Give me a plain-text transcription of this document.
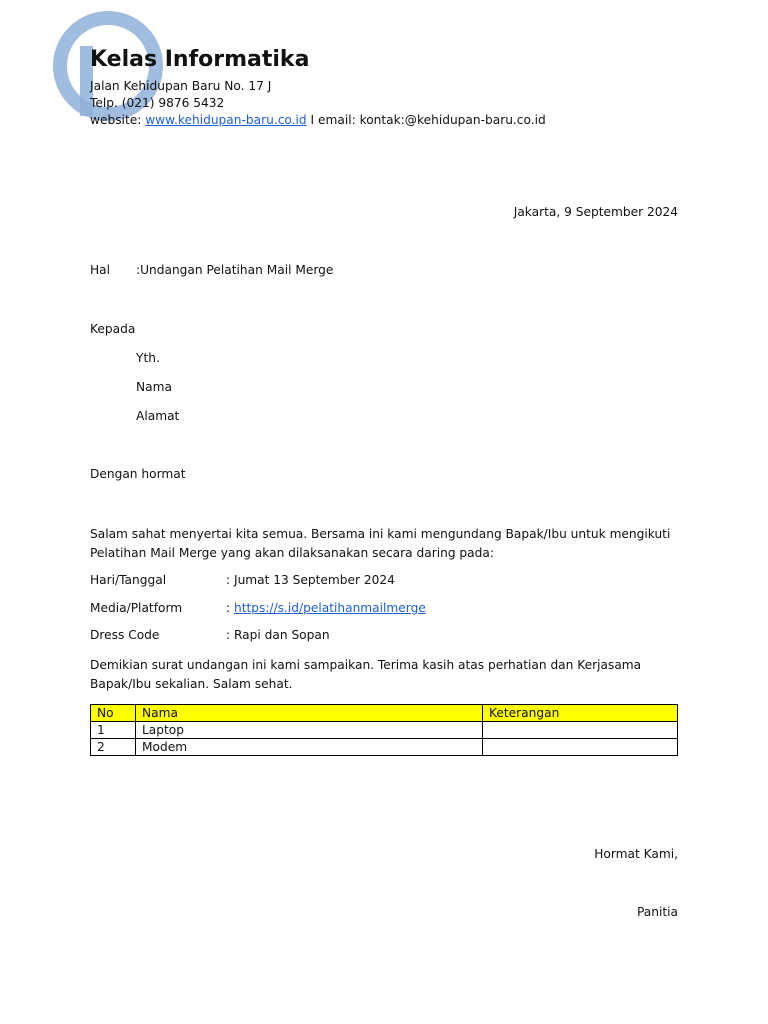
Kelas Informatika
Jalan Kehidupan Baru No. 17 J
Telp. (021) 9876 5432
website: www.kehidupan-baru.co.id I email: kontak:@kehidupan-baru.co.id
Jakarta, 9 September 2024
Hal :Undangan Pelatihan Mail Merge
Kepada
Yth.
Nama
Alamat
Dengan hormat
Salam sahat menyertai kita semua. Bersama ini kami mengundang Bapak/Ibu untuk mengikuti Pelatihan Mail Merge yang akan dilaksanakan secara daring pada:
Hari/Tanggal	: Jumat 13 September 2024
Media/Platform	: https://s.id/pelatihanmailmerge
Dress Code	: Rapi dan Sopan
Demikian surat undangan ini kami sampaikan. Terima kasih atas perhatian dan Kerjasama Bapak/Ibu sekalian. Salam sehat.
No	Nama	Keterangan
1	Laptop	
2	Modem	
Hormat Kami,
Panitia
